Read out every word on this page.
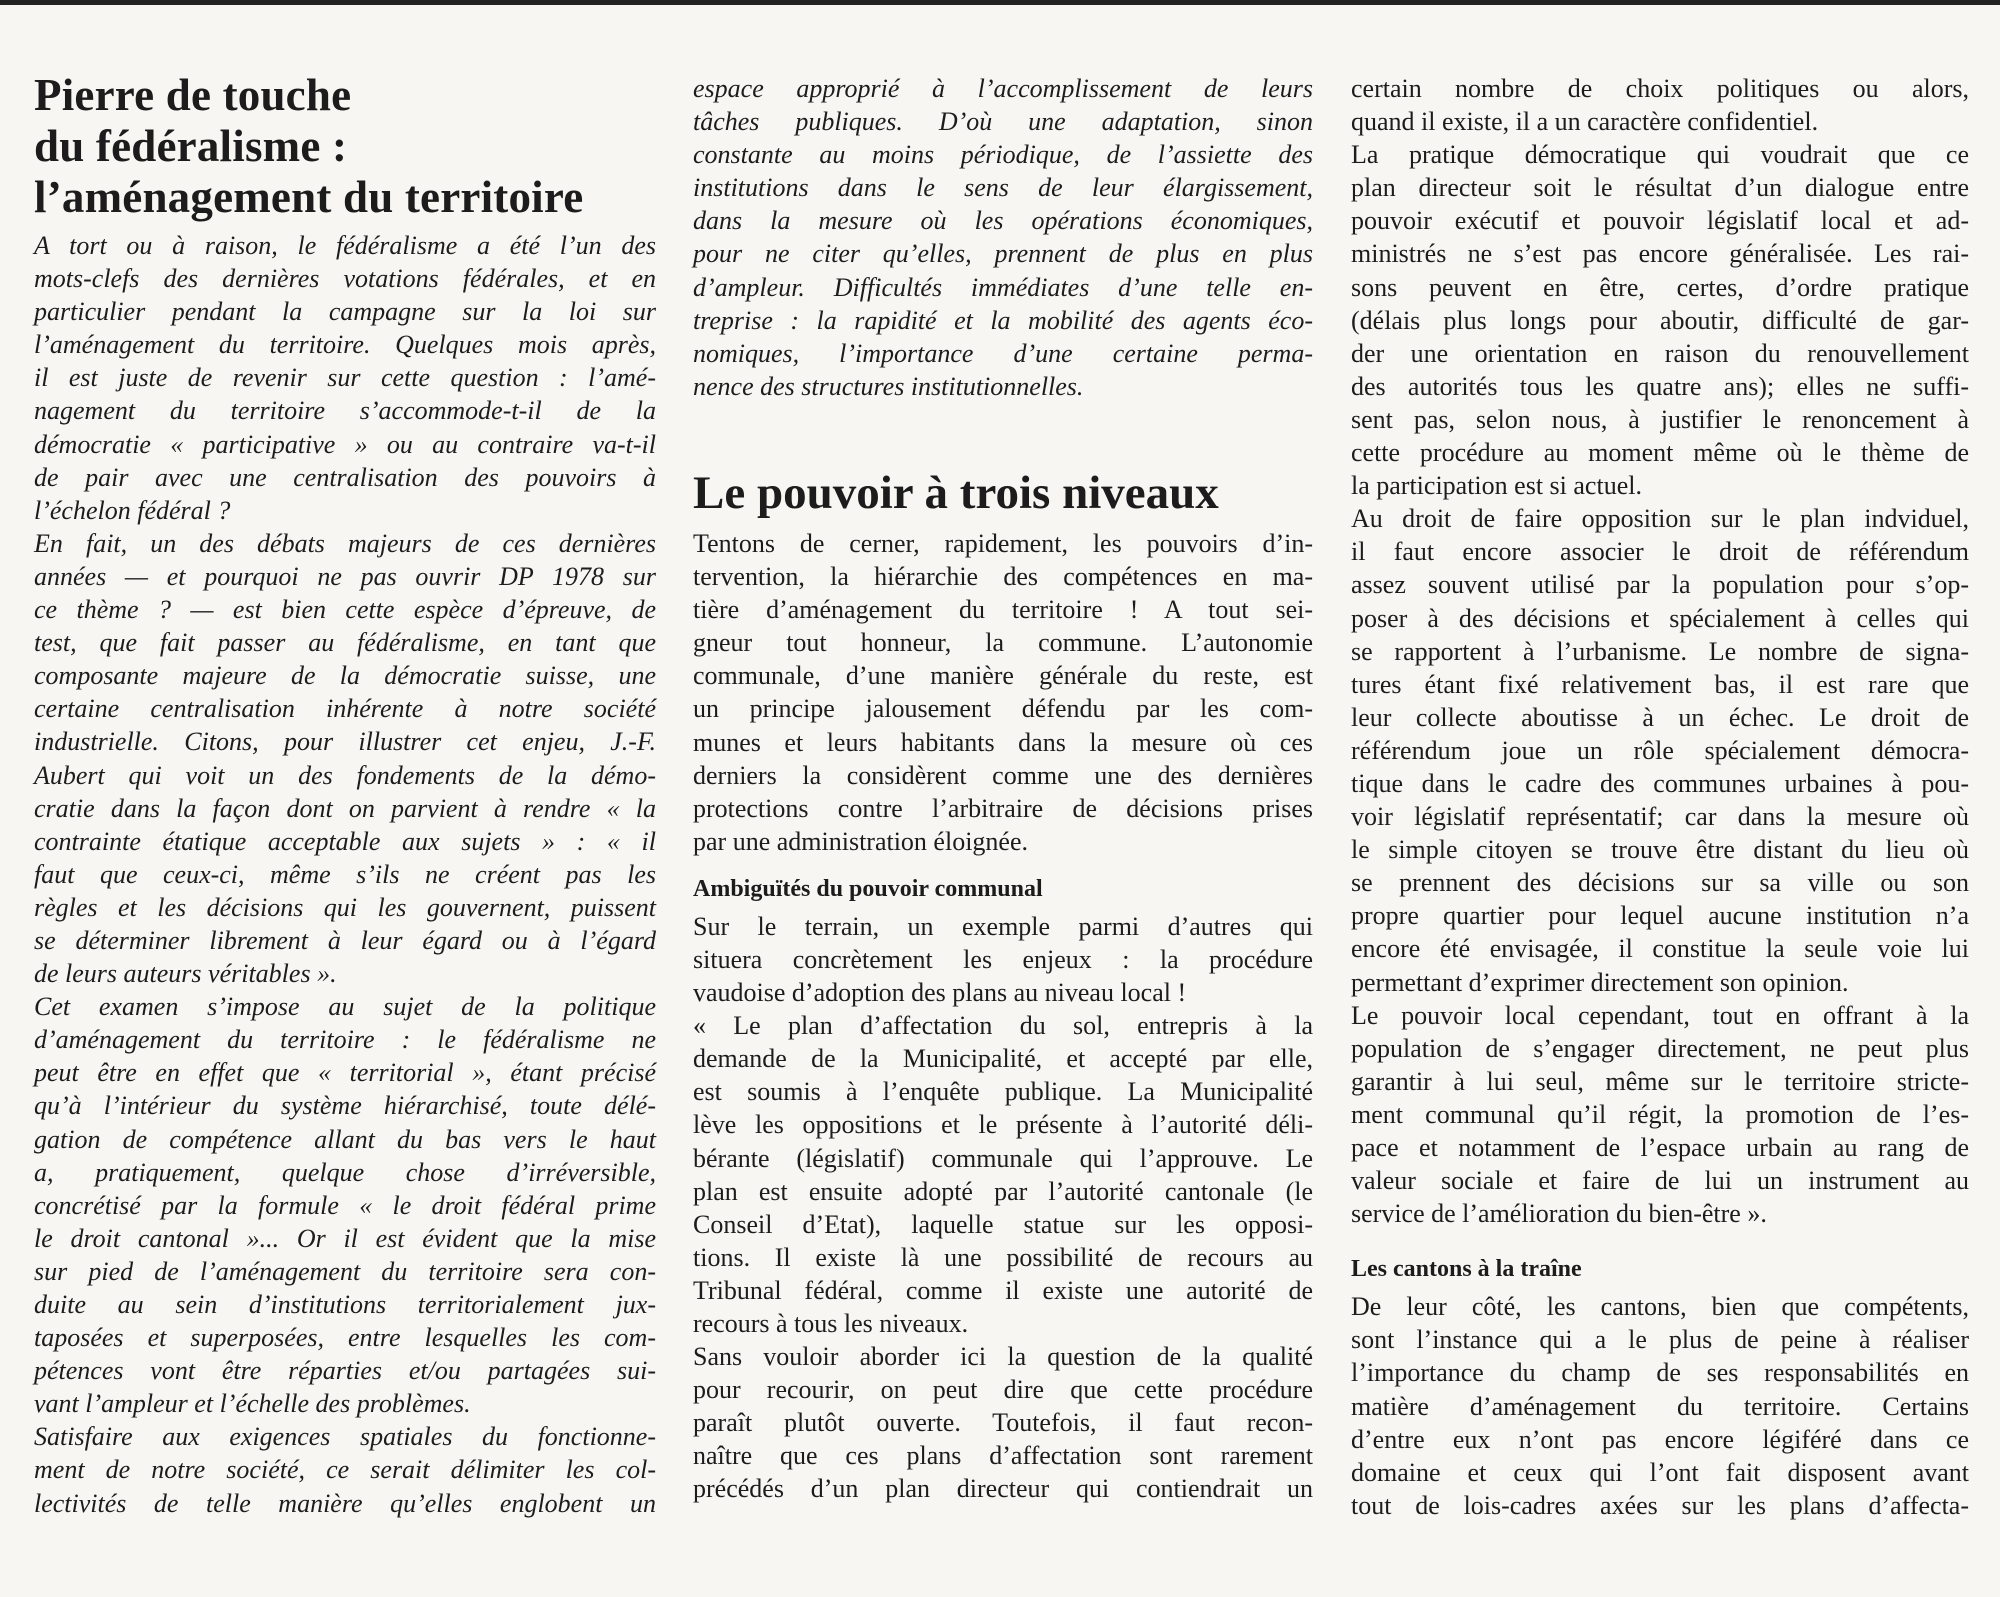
Pierre de touche
du fédéralisme :
l’aménagement du territoire
A tort ou à raison, le fédéralisme a été l’un des
mots-clefs des dernières votations fédérales, et en
particulier pendant la campagne sur la loi sur
l’aménagement du territoire. Quelques mois après,
il est juste de revenir sur cette question : l’amé-
nagement du territoire s’accommode-t-il de la
démocratie « participative » ou au contraire va-t-il
de pair avec une centralisation des pouvoirs à
l’échelon fédéral ?
En fait, un des débats majeurs de ces dernières
années — et pourquoi ne pas ouvrir DP 1978 sur
ce thème ? — est bien cette espèce d’épreuve, de
test, que fait passer au fédéralisme, en tant que
composante majeure de la démocratie suisse, une
certaine centralisation inhérente à notre société
industrielle. Citons, pour illustrer cet enjeu, J.-F.
Aubert qui voit un des fondements de la démo-
cratie dans la façon dont on parvient à rendre « la
contrainte étatique acceptable aux sujets » : « il
faut que ceux-ci, même s’ils ne créent pas les
règles et les décisions qui les gouvernent, puissent
se déterminer librement à leur égard ou à l’égard
de leurs auteurs véritables ».
Cet examen s’impose au sujet de la politique
d’aménagement du territoire : le fédéralisme ne
peut être en effet que « territorial », étant précisé
qu’à l’intérieur du système hiérarchisé, toute délé-
gation de compétence allant du bas vers le haut
a, pratiquement, quelque chose d’irréversible,
concrétisé par la formule « le droit fédéral prime
le droit cantonal »... Or il est évident que la mise
sur pied de l’aménagement du territoire sera con-
duite au sein d’institutions territorialement jux-
taposées et superposées, entre lesquelles les com-
pétences vont être réparties et/ou partagées sui-
vant l’ampleur et l’échelle des problèmes.
Satisfaire aux exigences spatiales du fonctionne-
ment de notre société, ce serait délimiter les col-
lectivités de telle manière qu’elles englobent un
espace approprié à l’accomplissement de leurs
tâches publiques. D’où une adaptation, sinon
constante au moins périodique, de l’assiette des
institutions dans le sens de leur élargissement,
dans la mesure où les opérations économiques,
pour ne citer qu’elles, prennent de plus en plus
d’ampleur. Difficultés immédiates d’une telle en-
treprise : la rapidité et la mobilité des agents éco-
nomiques, l’importance d’une certaine perma-
nence des structures institutionnelles.
Le pouvoir à trois niveaux
Tentons de cerner, rapidement, les pouvoirs d’in-
tervention, la hiérarchie des compétences en ma-
tière d’aménagement du territoire ! A tout sei-
gneur tout honneur, la commune. L’autonomie
communale, d’une manière générale du reste, est
un principe jalousement défendu par les com-
munes et leurs habitants dans la mesure où ces
derniers la considèrent comme une des dernières
protections contre l’arbitraire de décisions prises
par une administration éloignée.
Ambiguïtés du pouvoir communal
Sur le terrain, un exemple parmi d’autres qui
situera concrètement les enjeux : la procédure
vaudoise d’adoption des plans au niveau local !
« Le plan d’affectation du sol, entrepris à la
demande de la Municipalité, et accepté par elle,
est soumis à l’enquête publique. La Municipalité
lève les oppositions et le présente à l’autorité déli-
bérante (législatif) communale qui l’approuve. Le
plan est ensuite adopté par l’autorité cantonale (le
Conseil d’Etat), laquelle statue sur les opposi-
tions. Il existe là une possibilité de recours au
Tribunal fédéral, comme il existe une autorité de
recours à tous les niveaux.
Sans vouloir aborder ici la question de la qualité
pour recourir, on peut dire que cette procédure
paraît plutôt ouverte. Toutefois, il faut recon-
naître que ces plans d’affectation sont rarement
précédés d’un plan directeur qui contiendrait un
certain nombre de choix politiques ou alors,
quand il existe, il a un caractère confidentiel.
La pratique démocratique qui voudrait que ce
plan directeur soit le résultat d’un dialogue entre
pouvoir exécutif et pouvoir législatif local et ad-
ministrés ne s’est pas encore généralisée. Les rai-
sons peuvent en être, certes, d’ordre pratique
(délais plus longs pour aboutir, difficulté de gar-
der une orientation en raison du renouvellement
des autorités tous les quatre ans); elles ne suffi-
sent pas, selon nous, à justifier le renoncement à
cette procédure au moment même où le thème de
la participation est si actuel.
Au droit de faire opposition sur le plan indviduel,
il faut encore associer le droit de référendum
assez souvent utilisé par la population pour s’op-
poser à des décisions et spécialement à celles qui
se rapportent à l’urbanisme. Le nombre de signa-
tures étant fixé relativement bas, il est rare que
leur collecte aboutisse à un échec. Le droit de
référendum joue un rôle spécialement démocra-
tique dans le cadre des communes urbaines à pou-
voir législatif représentatif; car dans la mesure où
le simple citoyen se trouve être distant du lieu où
se prennent des décisions sur sa ville ou son
propre quartier pour lequel aucune institution n’a
encore été envisagée, il constitue la seule voie lui
permettant d’exprimer directement son opinion.
Le pouvoir local cependant, tout en offrant à la
population de s’engager directement, ne peut plus
garantir à lui seul, même sur le territoire stricte-
ment communal qu’il régit, la promotion de l’es-
pace et notamment de l’espace urbain au rang de
valeur sociale et faire de lui un instrument au
service de l’amélioration du bien-être ».
Les cantons à la traîne
De leur côté, les cantons, bien que compétents,
sont l’instance qui a le plus de peine à réaliser
l’importance du champ de ses responsabilités en
matière d’aménagement du territoire. Certains
d’entre eux n’ont pas encore légiféré dans ce
domaine et ceux qui l’ont fait disposent avant
tout de lois-cadres axées sur les plans d’affecta-
